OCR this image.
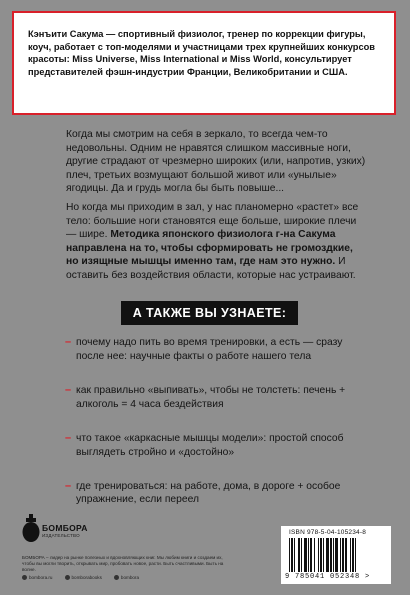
Кэнъити Сакума — спортивный физиолог, тренер по коррекции фигуры, коуч, работает с топ-моделями и участницами трех крупнейших конкурсов красоты: Miss Universe, Miss International и Miss World, консультирует представителей фэшн-индустрии Франции, Великобритании и США.

Когда мы смотрим на себя в зеркало, то всегда чем-то недовольны. Одним не нравятся слишком массивные ноги, другие страдают от чрезмерно широких (или, напротив, узких) плеч, третьих возмущают большой живот или «унылые» ягодицы. Да и грудь могла бы быть повыше...

Но когда мы приходим в зал, у нас планомерно «растет» все тело: большие ноги становятся еще больше, широкие плечи — шире. Методика японского физиолога г-на Сакума направлена на то, чтобы сформировать не громоздкие, но изящные мышцы именно там, где нам это нужно. И оставить без воздействия области, которые нас устраивают.

А ТАКЖЕ ВЫ УЗНАЕТЕ:
– почему надо пить во время тренировки, а есть — сразу после нее: научные факты о работе нашего тела
– как правильно «выпивать», чтобы не толстеть: печень + алкоголь = 4 часа бездействия
– что такое «каркасные мышцы модели»: простой способ выглядеть стройно и «достойно»
– где тренироваться: на работе, дома, в дороге + особое упражнение, если переел
БОМБОРА
ИЗДАТЕЛЬСТВО

БОМБОРА – лидер на рынке полезных и вдохновляющих книг. Мы любим книги и создаем их, чтобы вы могли творить, открывать мир, пробовать новое, расти. Быть счастливыми. Быть на волне.

bombora.ru	bomborabooks	bombora
ISBN 978-5-04-105234-8
9 785041 052348 >
